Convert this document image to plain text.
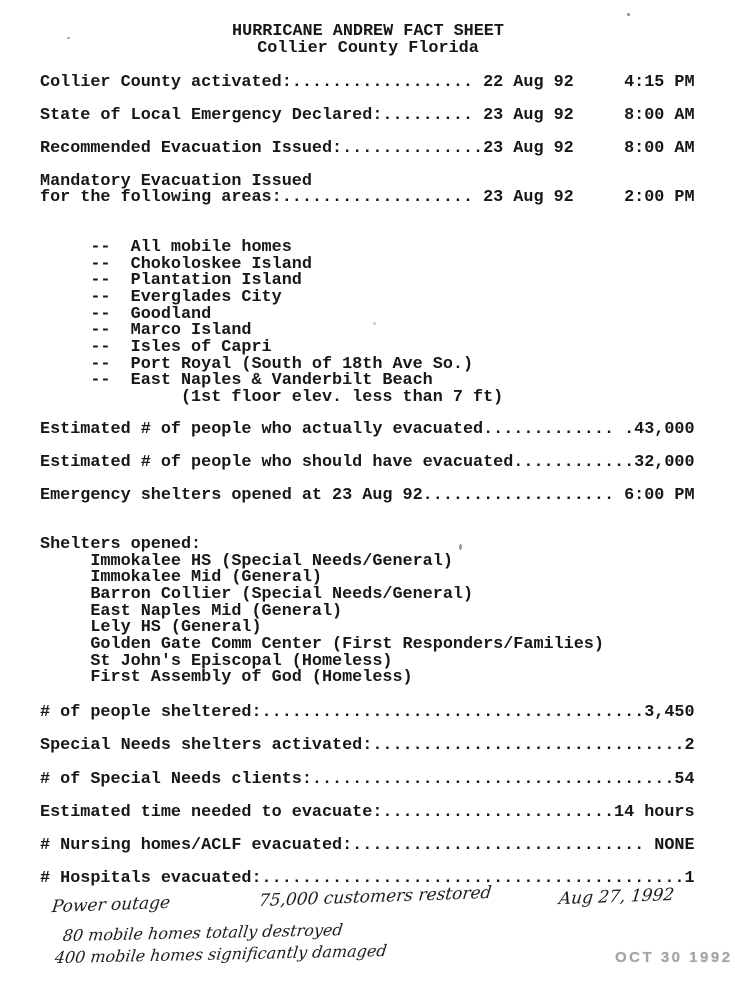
HURRICANE ANDREW FACT SHEET
Collier County Florida
Collier County activated:.................. 22 Aug 92     4:15 PM
State of Local Emergency Declared:......... 23 Aug 92     8:00 AM
Recommended Evacuation Issued:..............23 Aug 92     8:00 AM
Mandatory Evacuation Issued
for the following areas:................... 23 Aug 92     2:00 PM
--  All mobile homes
--  Chokoloskee Island
--  Plantation Island
--  Everglades City
--  Goodland
--  Marco Island
--  Isles of Capri
--  Port Royal (South of 18th Ave So.)
--  East Naples & Vanderbilt Beach
(1st floor elev. less than 7 ft)
Estimated # of people who actually evacuated............. .43,000
Estimated # of people who should have evacuated............32,000
Emergency shelters opened at 23 Aug 92................... 6:00 PM
Shelters opened:
Immokalee HS (Special Needs/General)
Immokalee Mid (General)
Barron Collier (Special Needs/General)
East Naples Mid (General)
Lely HS (General)
Golden Gate Comm Center (First Responders/Families)
St John's Episcopal (Homeless)
First Assembly of God (Homeless)
# of people sheltered:......................................3,450
Special Needs shelters activated:...............................2
# of Special Needs clients:....................................54
Estimated time needed to evacuate:.......................14 hours
# Nursing homes/ACLF evacuated:............................. NONE
# Hospitals evacuated:..........................................1
Power outage	75,000 customers restored	Aug 27, 1992
80 mobile homes totally destroyed
400 mobile homes significantly damaged	OCT 30 1992
